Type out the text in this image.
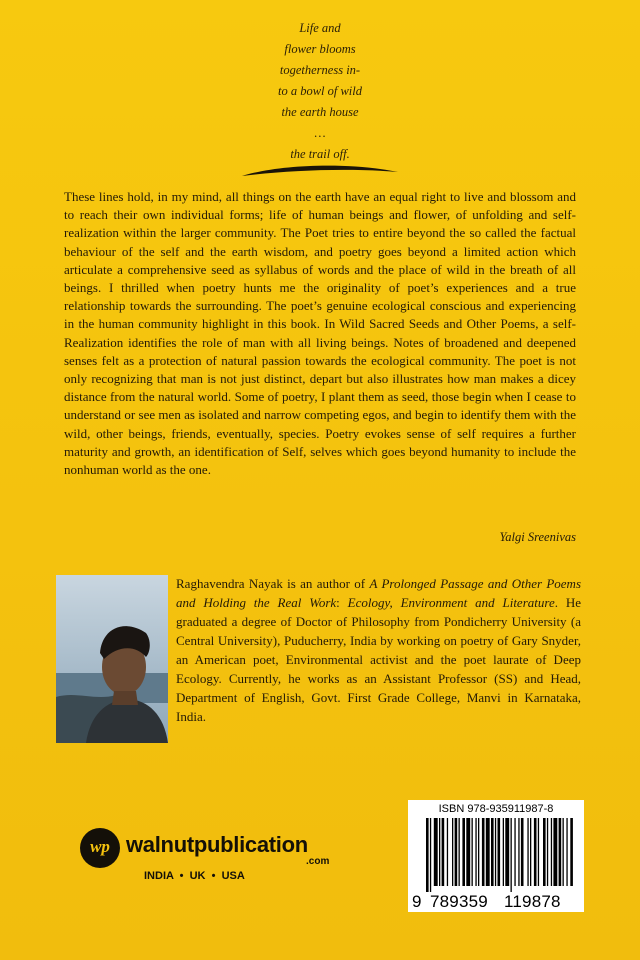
Life and
flower blooms
togetherness in-
to a bowl of wild
the earth house
…
the trail off.

These lines hold, in my mind, all things on the earth have an equal right to live and blossom and to reach their own individual forms; life of human beings and flower, of unfolding and self-realization within the larger community. The Poet tries to entire beyond the so called the factual behaviour of the self and the earth wisdom, and poetry goes beyond a limited action which articulate a comprehensive seed as syllabus of words and the place of wild in the breath of all beings. I thrilled when poetry hunts me the originality of poet’s experiences and a true relationship towards the surrounding. The poet’s genuine ecological conscious and experiencing in the human community highlight in this book. In Wild Sacred Seeds and Other Poems, a self-Realization identifies the role of man with all living beings. Notes of broadened and deepened senses felt as a protection of natural passion towards the ecological community. The poet is not only recognizing that man is not just distinct, depart but also illustrates how man makes a dicey distance from the natural world. Some of poetry, I plant them as seed, those begin when I cease to understand or see men as isolated and narrow competing egos, and begin to identify them with the wild, other beings, friends, eventually, species. Poetry evokes sense of self requires a further maturity and growth, an identification of Self, selves which goes beyond humanity to include the nonhuman world as the one.

Yalgi Sreenivas

Raghavendra Nayak is an author of A Prolonged Passage and Other Poems and Holding the Real Work: Ecology, Environment and Literature. He graduated a degree of Doctor of Philosophy from Pondicherry University (a Central University), Puducherry, India by working on poetry of Gary Snyder, an American poet, Environmental activist and the poet laurate of Deep Ecology. Currently, he works as an Assistant Professor (SS) and Head, Department of English, Govt. First Grade College, Manvi in Karnataka, India.

wp walnutpublication
.com
INDIA  •  UK  •  USA
ISBN 978-935911987-8
9 789359 119878
